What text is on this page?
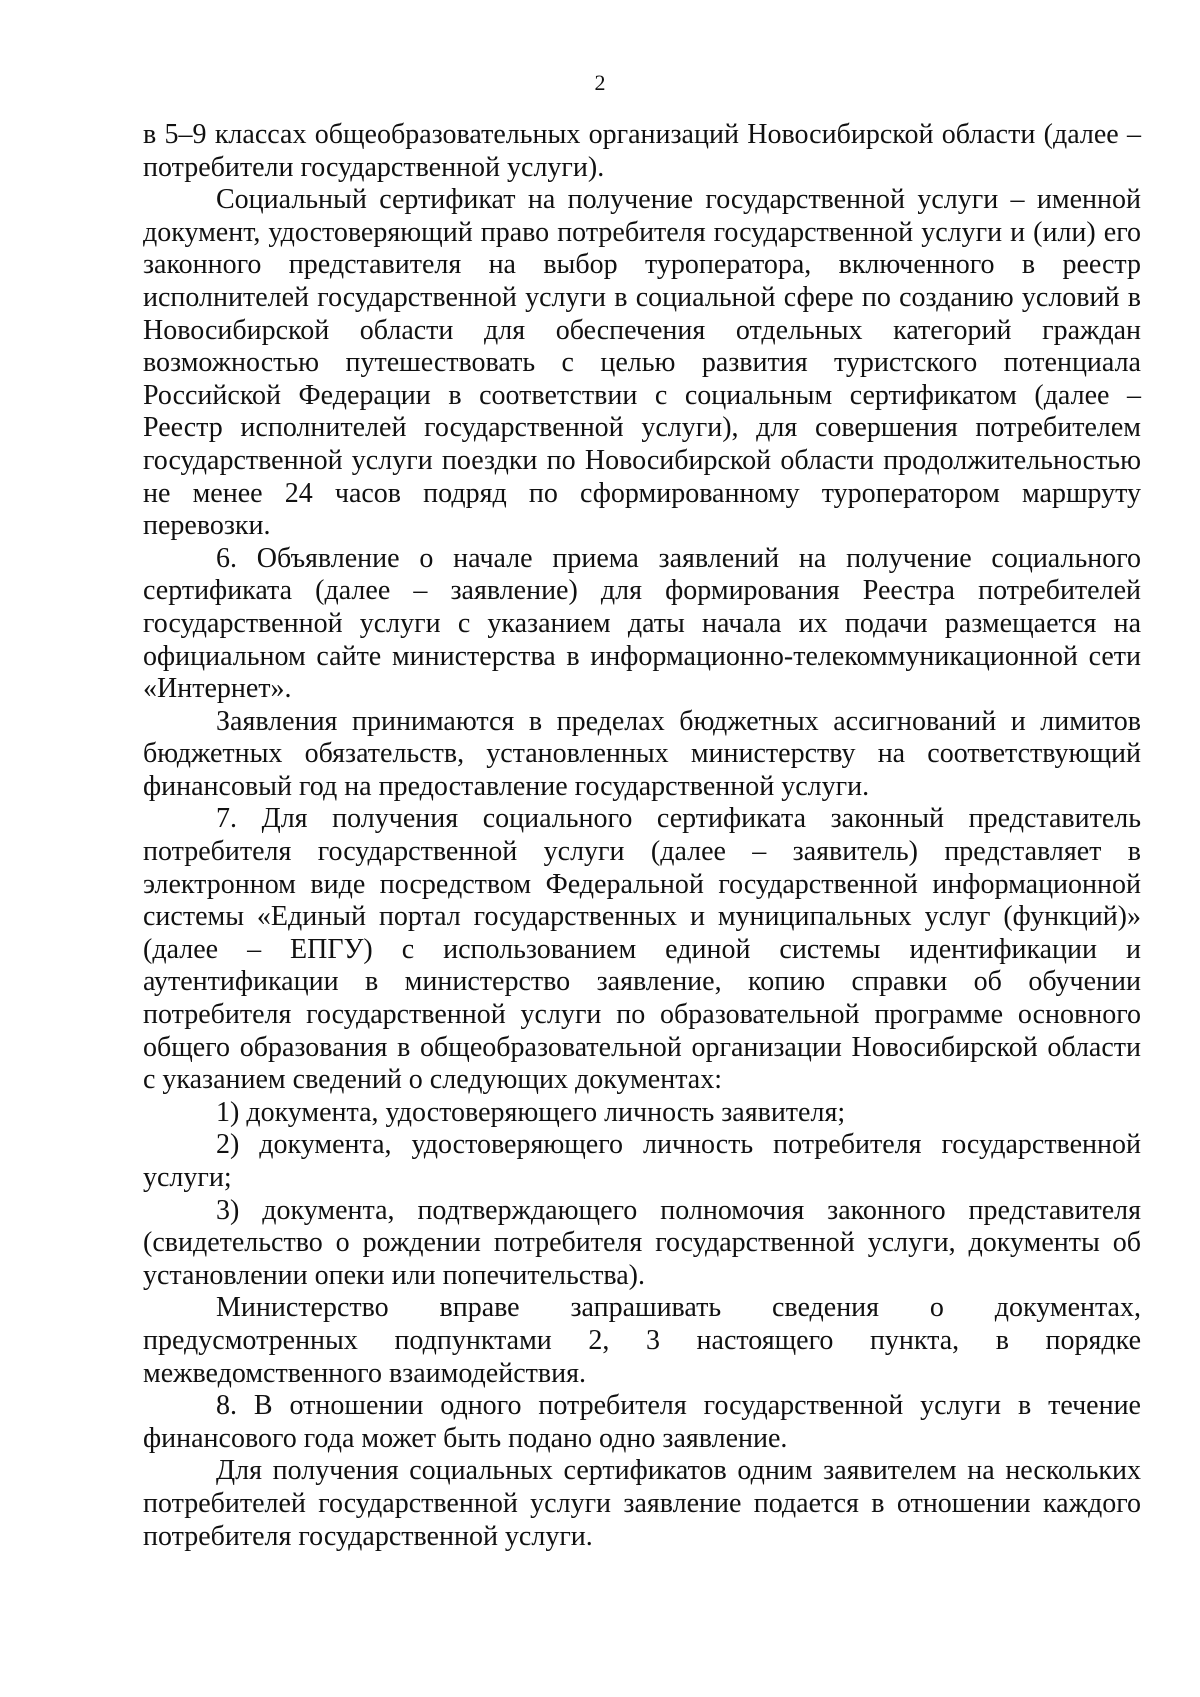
2

в 5–9 классах общеобразовательных организаций Новосибирской области (далее – потребители государственной услуги).

Социальный сертификат на получение государственной услуги – именной документ, удостоверяющий право потребителя государственной услуги и (или) его законного представителя на выбор туроператора, включенного в реестр исполнителей государственной услуги в социальной сфере по созданию условий в Новосибирской области для обеспечения отдельных категорий граждан возможностью путешествовать с целью развития туристского потенциала Российской Федерации в соответствии с социальным сертификатом (далее – Реестр исполнителей государственной услуги), для совершения потребителем государственной услуги поездки по Новосибирской области продолжительностью не менее 24 часов подряд по сформированному туроператором маршруту перевозки.

6. Объявление о начале приема заявлений на получение социального сертификата (далее – заявление) для формирования Реестра потребителей государственной услуги с указанием даты начала их подачи размещается на официальном сайте министерства в информационно-телекоммуникационной сети «Интернет».

Заявления принимаются в пределах бюджетных ассигнований и лимитов бюджетных обязательств, установленных министерству на соответствующий финансовый год на предоставление государственной услуги.

7. Для получения социального сертификата законный представитель потребителя государственной услуги (далее – заявитель) представляет в электронном виде посредством Федеральной государственной информационной системы «Единый портал государственных и муниципальных услуг (функций)» (далее – ЕПГУ) с использованием единой системы идентификации и аутентификации в министерство заявление, копию справки об обучении потребителя государственной услуги по образовательной программе основного общего образования в общеобразовательной организации Новосибирской области с указанием сведений о следующих документах:

1) документа, удостоверяющего личность заявителя;

2) документа, удостоверяющего личность потребителя государственной услуги;

3) документа, подтверждающего полномочия законного представителя (свидетельство о рождении потребителя государственной услуги, документы об установлении опеки или попечительства).

Министерство вправе запрашивать сведения о документах, предусмотренных подпунктами 2, 3 настоящего пункта, в порядке межведомственного взаимодействия.

8. В отношении одного потребителя государственной услуги в течение финансового года может быть подано одно заявление.

Для получения социальных сертификатов одним заявителем на нескольких потребителей государственной услуги заявление подается в отношении каждого потребителя государственной услуги.
